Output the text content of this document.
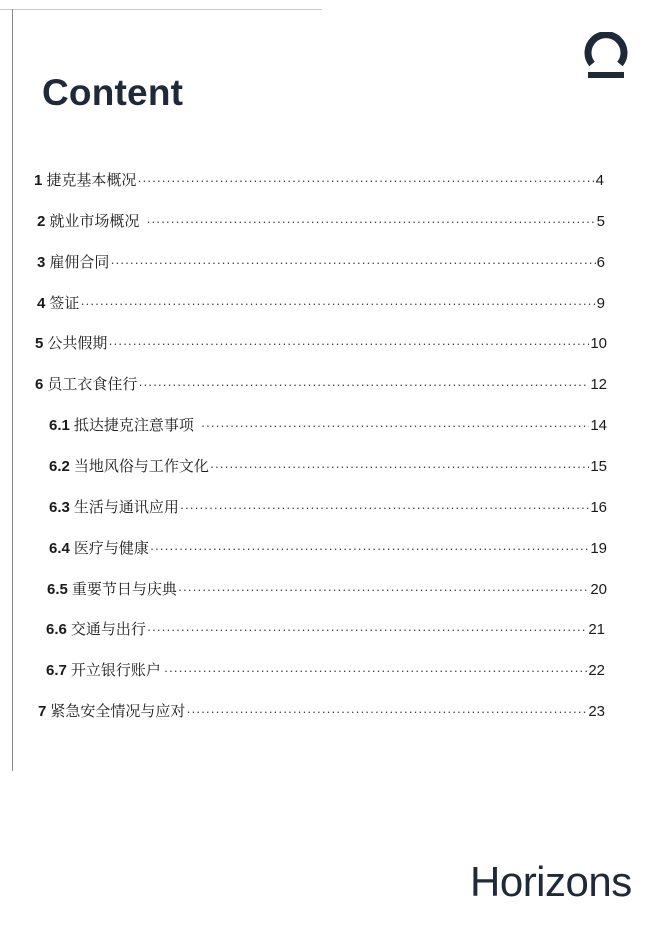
Content
1 捷克基本概况 ·····	4
2 就业市场概况 ·····	5
3 雇佣合同 ·····	6
4 签证 ·····	9
5 公共假期 ·····	10
6 员工衣食住行 ·····	12
6.1 抵达捷克注意事项 ·····	14
6.2 当地风俗与工作文化 ·····	15
6.3 生活与通讯应用 ·····	16
6.4 医疗与健康 ·····	19
6.5 重要节日与庆典 ·····	20
6.6 交通与出行 ·····	21
6.7 开立银行账户 ·····	22
7 紧急安全情况与应对 ·····	23
Horizons
